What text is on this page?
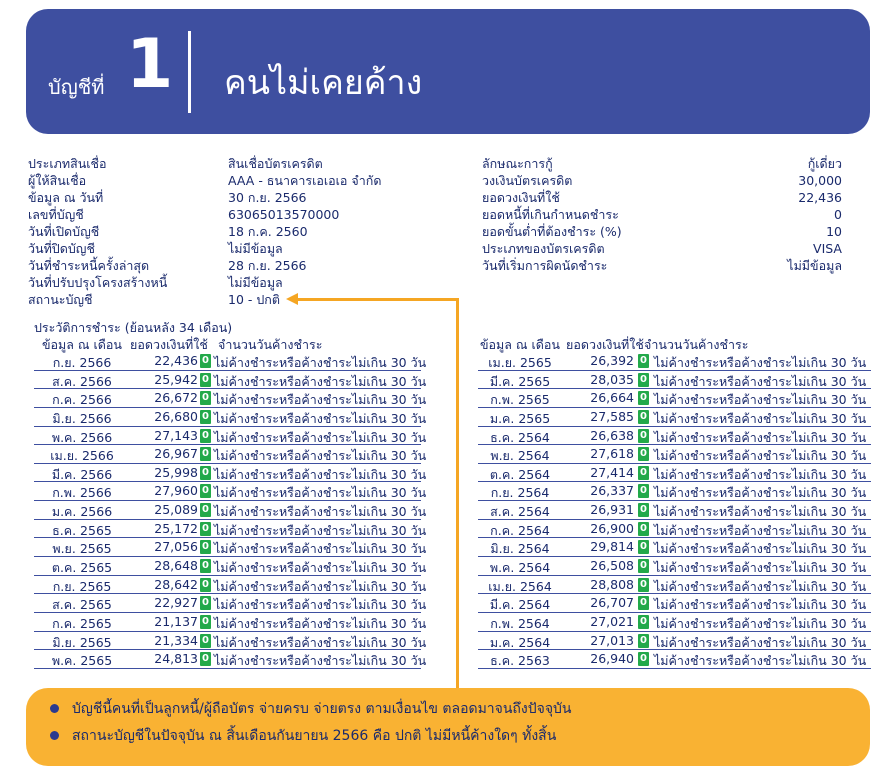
บัญชีที่ 1 คนไม่เคยค้าง
ประเภทสินเชื่อ	สินเชื่อบัตรเครดิต
ผู้ให้สินเชื่อ	AAA - ธนาคารเอเอเอ จำกัด
ข้อมูล ณ วันที่	30 ก.ย. 2566
เลขที่บัญชี	63065013570000
วันที่เปิดบัญชี	18 ก.ค. 2560
วันที่ปิดบัญชี	ไม่มีข้อมูล
วันที่ชำระหนี้ครั้งล่าสุด	28 ก.ย. 2566
วันที่ปรับปรุงโครงสร้างหนี้	ไม่มีข้อมูล
สถานะบัญชี	10 - ปกติ
ลักษณะการกู้	กู้เดี่ยว
วงเงินบัตรเครดิต	30,000
ยอดวงเงินที่ใช้	22,436
ยอดหนี้ที่เกินกำหนดชำระ	0
ยอดขั้นต่ำที่ต้องชำระ (%)	10
ประเภทของบัตรเครดิต	VISA
วันที่เริ่มการผิดนัดชำระ	ไม่มีข้อมูล
ประวัติการชำระ (ย้อนหลัง 34 เดือน)
ข้อมูล ณ เดือน ยอดวงเงินที่ใช้ จำนวนวันค้างชำระ
ก.ย. 2566	22,436 0 ไม่ค้างชำระหรือค้างชำระไม่เกิน 30 วัน
ส.ค. 2566	25,942 0 ไม่ค้างชำระหรือค้างชำระไม่เกิน 30 วัน
ก.ค. 2566	26,672 0 ไม่ค้างชำระหรือค้างชำระไม่เกิน 30 วัน
มิ.ย. 2566	26,680 0 ไม่ค้างชำระหรือค้างชำระไม่เกิน 30 วัน
พ.ค. 2566	27,143 0 ไม่ค้างชำระหรือค้างชำระไม่เกิน 30 วัน
เม.ย. 2566	26,967 0 ไม่ค้างชำระหรือค้างชำระไม่เกิน 30 วัน
มี.ค. 2566	25,998 0 ไม่ค้างชำระหรือค้างชำระไม่เกิน 30 วัน
ก.พ. 2566	27,960 0 ไม่ค้างชำระหรือค้างชำระไม่เกิน 30 วัน
ม.ค. 2566	25,089 0 ไม่ค้างชำระหรือค้างชำระไม่เกิน 30 วัน
ธ.ค. 2565	25,172 0 ไม่ค้างชำระหรือค้างชำระไม่เกิน 30 วัน
พ.ย. 2565	27,056 0 ไม่ค้างชำระหรือค้างชำระไม่เกิน 30 วัน
ต.ค. 2565	28,648 0 ไม่ค้างชำระหรือค้างชำระไม่เกิน 30 วัน
ก.ย. 2565	28,642 0 ไม่ค้างชำระหรือค้างชำระไม่เกิน 30 วัน
ส.ค. 2565	22,927 0 ไม่ค้างชำระหรือค้างชำระไม่เกิน 30 วัน
ก.ค. 2565	21,137 0 ไม่ค้างชำระหรือค้างชำระไม่เกิน 30 วัน
มิ.ย. 2565	21,334 0 ไม่ค้างชำระหรือค้างชำระไม่เกิน 30 วัน
พ.ค. 2565	24,813 0 ไม่ค้างชำระหรือค้างชำระไม่เกิน 30 วัน
ข้อมูล ณ เดือน ยอดวงเงินที่ใช้ จำนวนวันค้างชำระ
เม.ย. 2565	26,392 0 ไม่ค้างชำระหรือค้างชำระไม่เกิน 30 วัน
มี.ค. 2565	28,035 0 ไม่ค้างชำระหรือค้างชำระไม่เกิน 30 วัน
ก.พ. 2565	26,664 0 ไม่ค้างชำระหรือค้างชำระไม่เกิน 30 วัน
ม.ค. 2565	27,585 0 ไม่ค้างชำระหรือค้างชำระไม่เกิน 30 วัน
ธ.ค. 2564	26,638 0 ไม่ค้างชำระหรือค้างชำระไม่เกิน 30 วัน
พ.ย. 2564	27,618 0 ไม่ค้างชำระหรือค้างชำระไม่เกิน 30 วัน
ต.ค. 2564	27,414 0 ไม่ค้างชำระหรือค้างชำระไม่เกิน 30 วัน
ก.ย. 2564	26,337 0 ไม่ค้างชำระหรือค้างชำระไม่เกิน 30 วัน
ส.ค. 2564	26,931 0 ไม่ค้างชำระหรือค้างชำระไม่เกิน 30 วัน
ก.ค. 2564	26,900 0 ไม่ค้างชำระหรือค้างชำระไม่เกิน 30 วัน
มิ.ย. 2564	29,814 0 ไม่ค้างชำระหรือค้างชำระไม่เกิน 30 วัน
พ.ค. 2564	26,508 0 ไม่ค้างชำระหรือค้างชำระไม่เกิน 30 วัน
เม.ย. 2564	28,808 0 ไม่ค้างชำระหรือค้างชำระไม่เกิน 30 วัน
มี.ค. 2564	26,707 0 ไม่ค้างชำระหรือค้างชำระไม่เกิน 30 วัน
ก.พ. 2564	27,021 0 ไม่ค้างชำระหรือค้างชำระไม่เกิน 30 วัน
ม.ค. 2564	27,013 0 ไม่ค้างชำระหรือค้างชำระไม่เกิน 30 วัน
ธ.ค. 2563	26,940 0 ไม่ค้างชำระหรือค้างชำระไม่เกิน 30 วัน
บัญชีนี้คนที่เป็นลูกหนี้/ผู้ถือบัตร จ่ายครบ จ่ายตรง ตามเงื่อนไข ตลอดมาจนถึงปัจจุบัน
สถานะบัญชีในปัจจุบัน ณ สิ้นเดือนกันยายน 2566 คือ ปกติ ไม่มีหนี้ค้างใดๆ ทั้งสิ้น
